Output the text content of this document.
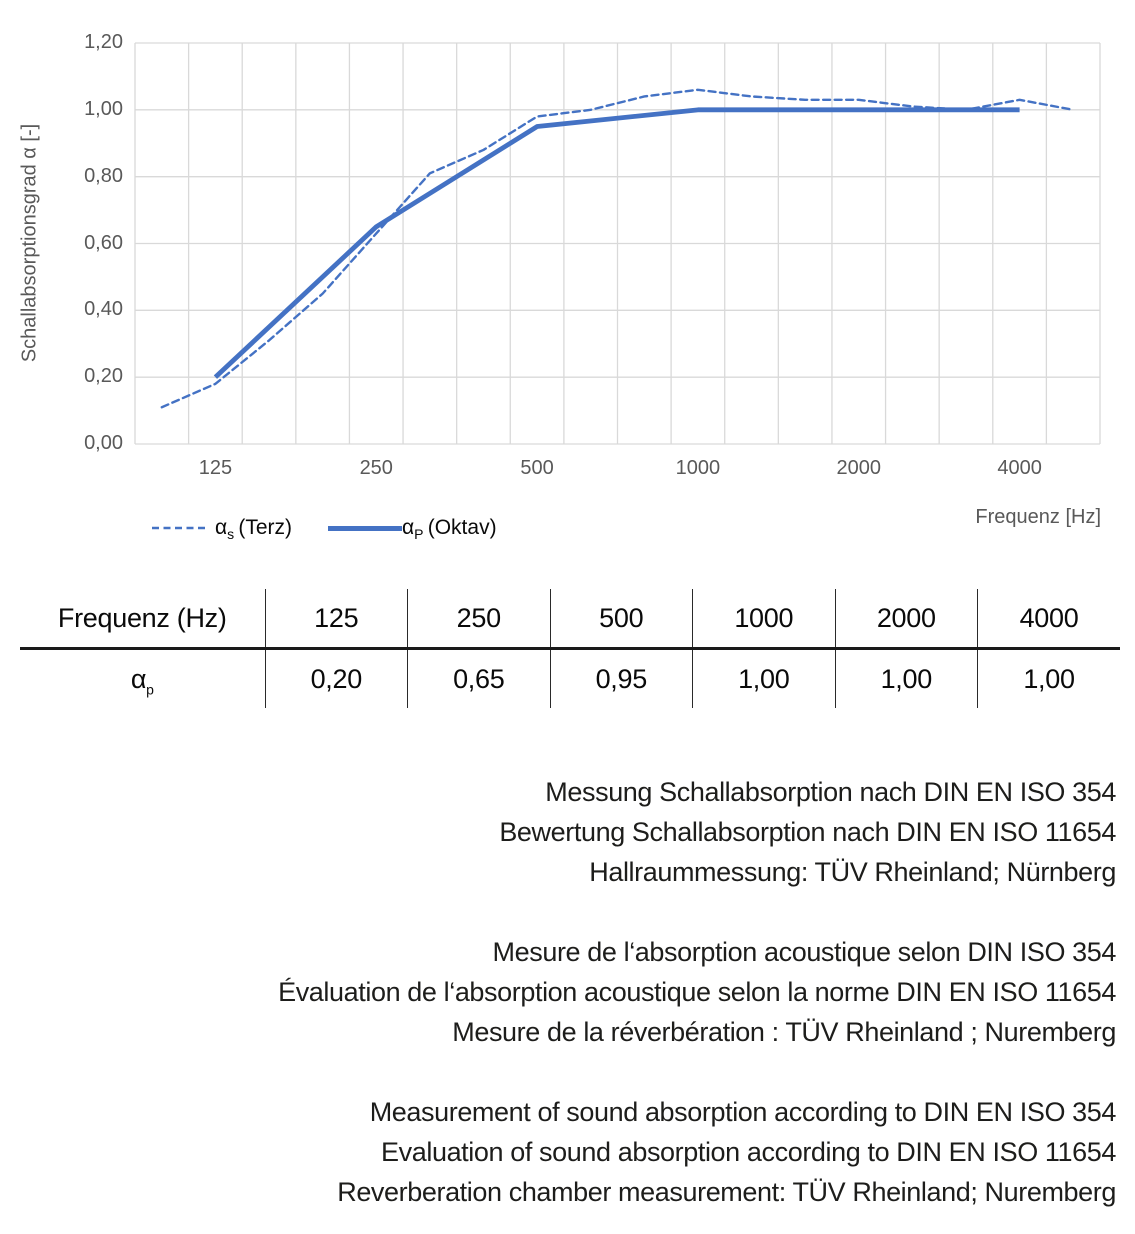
Schallabsorptionsgrad α [-]
0,00
0,20
0,40
0,60
0,80
1,00
1,20
125	250	500	1000	2000	4000
Frequenz [Hz]
$\alpha_s$  (Terz)	$\alpha_P$  (Oktav)
Frequenz (Hz)	125	250	500	1000	2000	4000
$\alpha_p$	0,20	0,65	0,95	1,00	1,00	1,00
Messung Schallabsorption nach DIN EN ISO 354
Bewertung Schallabsorption nach DIN EN ISO 11654
Hallraummessung: TÜV Rheinland; Nürnberg
Mesure de l‘absorption acoustique selon DIN ISO 354
Évaluation de l‘absorption acoustique selon la norme DIN EN ISO 11654
Mesure de la réverbération : TÜV Rheinland ; Nuremberg
Measurement of sound absorption according to DIN EN ISO 354
Evaluation of sound absorption according to DIN EN ISO 11654
Reverberation chamber measurement: TÜV Rheinland; Nuremberg
